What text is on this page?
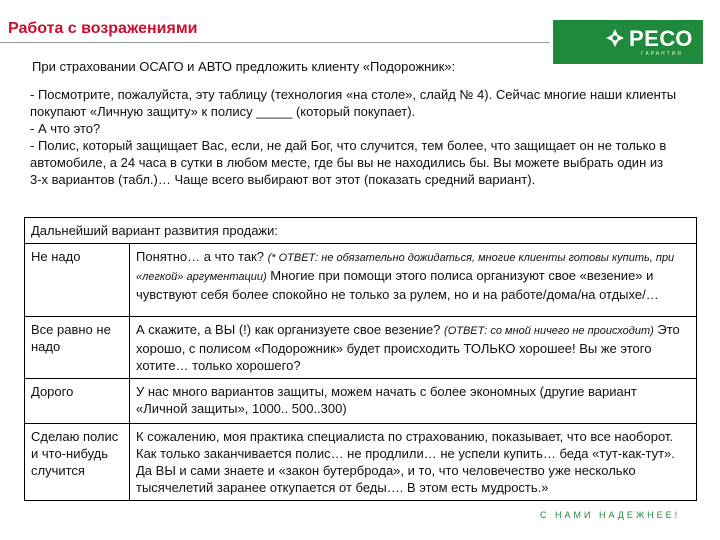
Работа с возражениями	РЕСО
ГАРАНТИЯ
При страховании ОСАГО и АВТО предложить клиенту «Подорожник»:

- Посмотрите, пожалуйста, эту таблицу (технология «на столе», слайд № 4). Сейчас многие наши клиенты покупают «Личную защиту» к полису _____ (который покупает).

- А что это?

- Полис, который защищает Вас, если, не дай Бог, что случится, тем более, что защищает он не только в автомобиле, а 24 часа в сутки в любом месте, где бы вы не находились бы. Вы можете выбрать один из 3-х вариантов (табл.)… Чаще всего выбирают вот этот (показать средний вариант).

Дальнейший вариант развития продажи:	
Не надо	Понятно… а что так? (* ОТВЕТ: не обязательно дожидаться, многие клиенты готовы купить, при «легкой» аргументации) Многие при помощи этого полиса организуют свое «везение» и чувствуют себя более спокойно не только за рулем, но и на работе/дома/на отдыхе/…
Все равно не надо	А скажите, а ВЫ (!) как организуете свое везение? (ОТВЕТ: со мной ничего не происходит) Это хорошо, с полисом «Подорожник» будет происходить ТОЛЬКО хорошее! Вы же этого хотите… только хорошего?
Дорого	У нас много вариантов защиты, можем начать с более экономных (другие вариант «Личной защиты», 1000.. 500..300)
Сделаю полис и что-нибудь случится	К сожалению, моя практика специалиста по страхованию, показывает, что все наоборот. Как только заканчивается полис… не продлили… не успели купить… беда «тут-как-тут». Да ВЫ и сами знаете и «закон бутерброда», и то, что человечество уже несколько тысячелетий заранее откупается от беды…. В этом есть мудрость.»
С НАМИ НАДЕЖНЕЕ!
